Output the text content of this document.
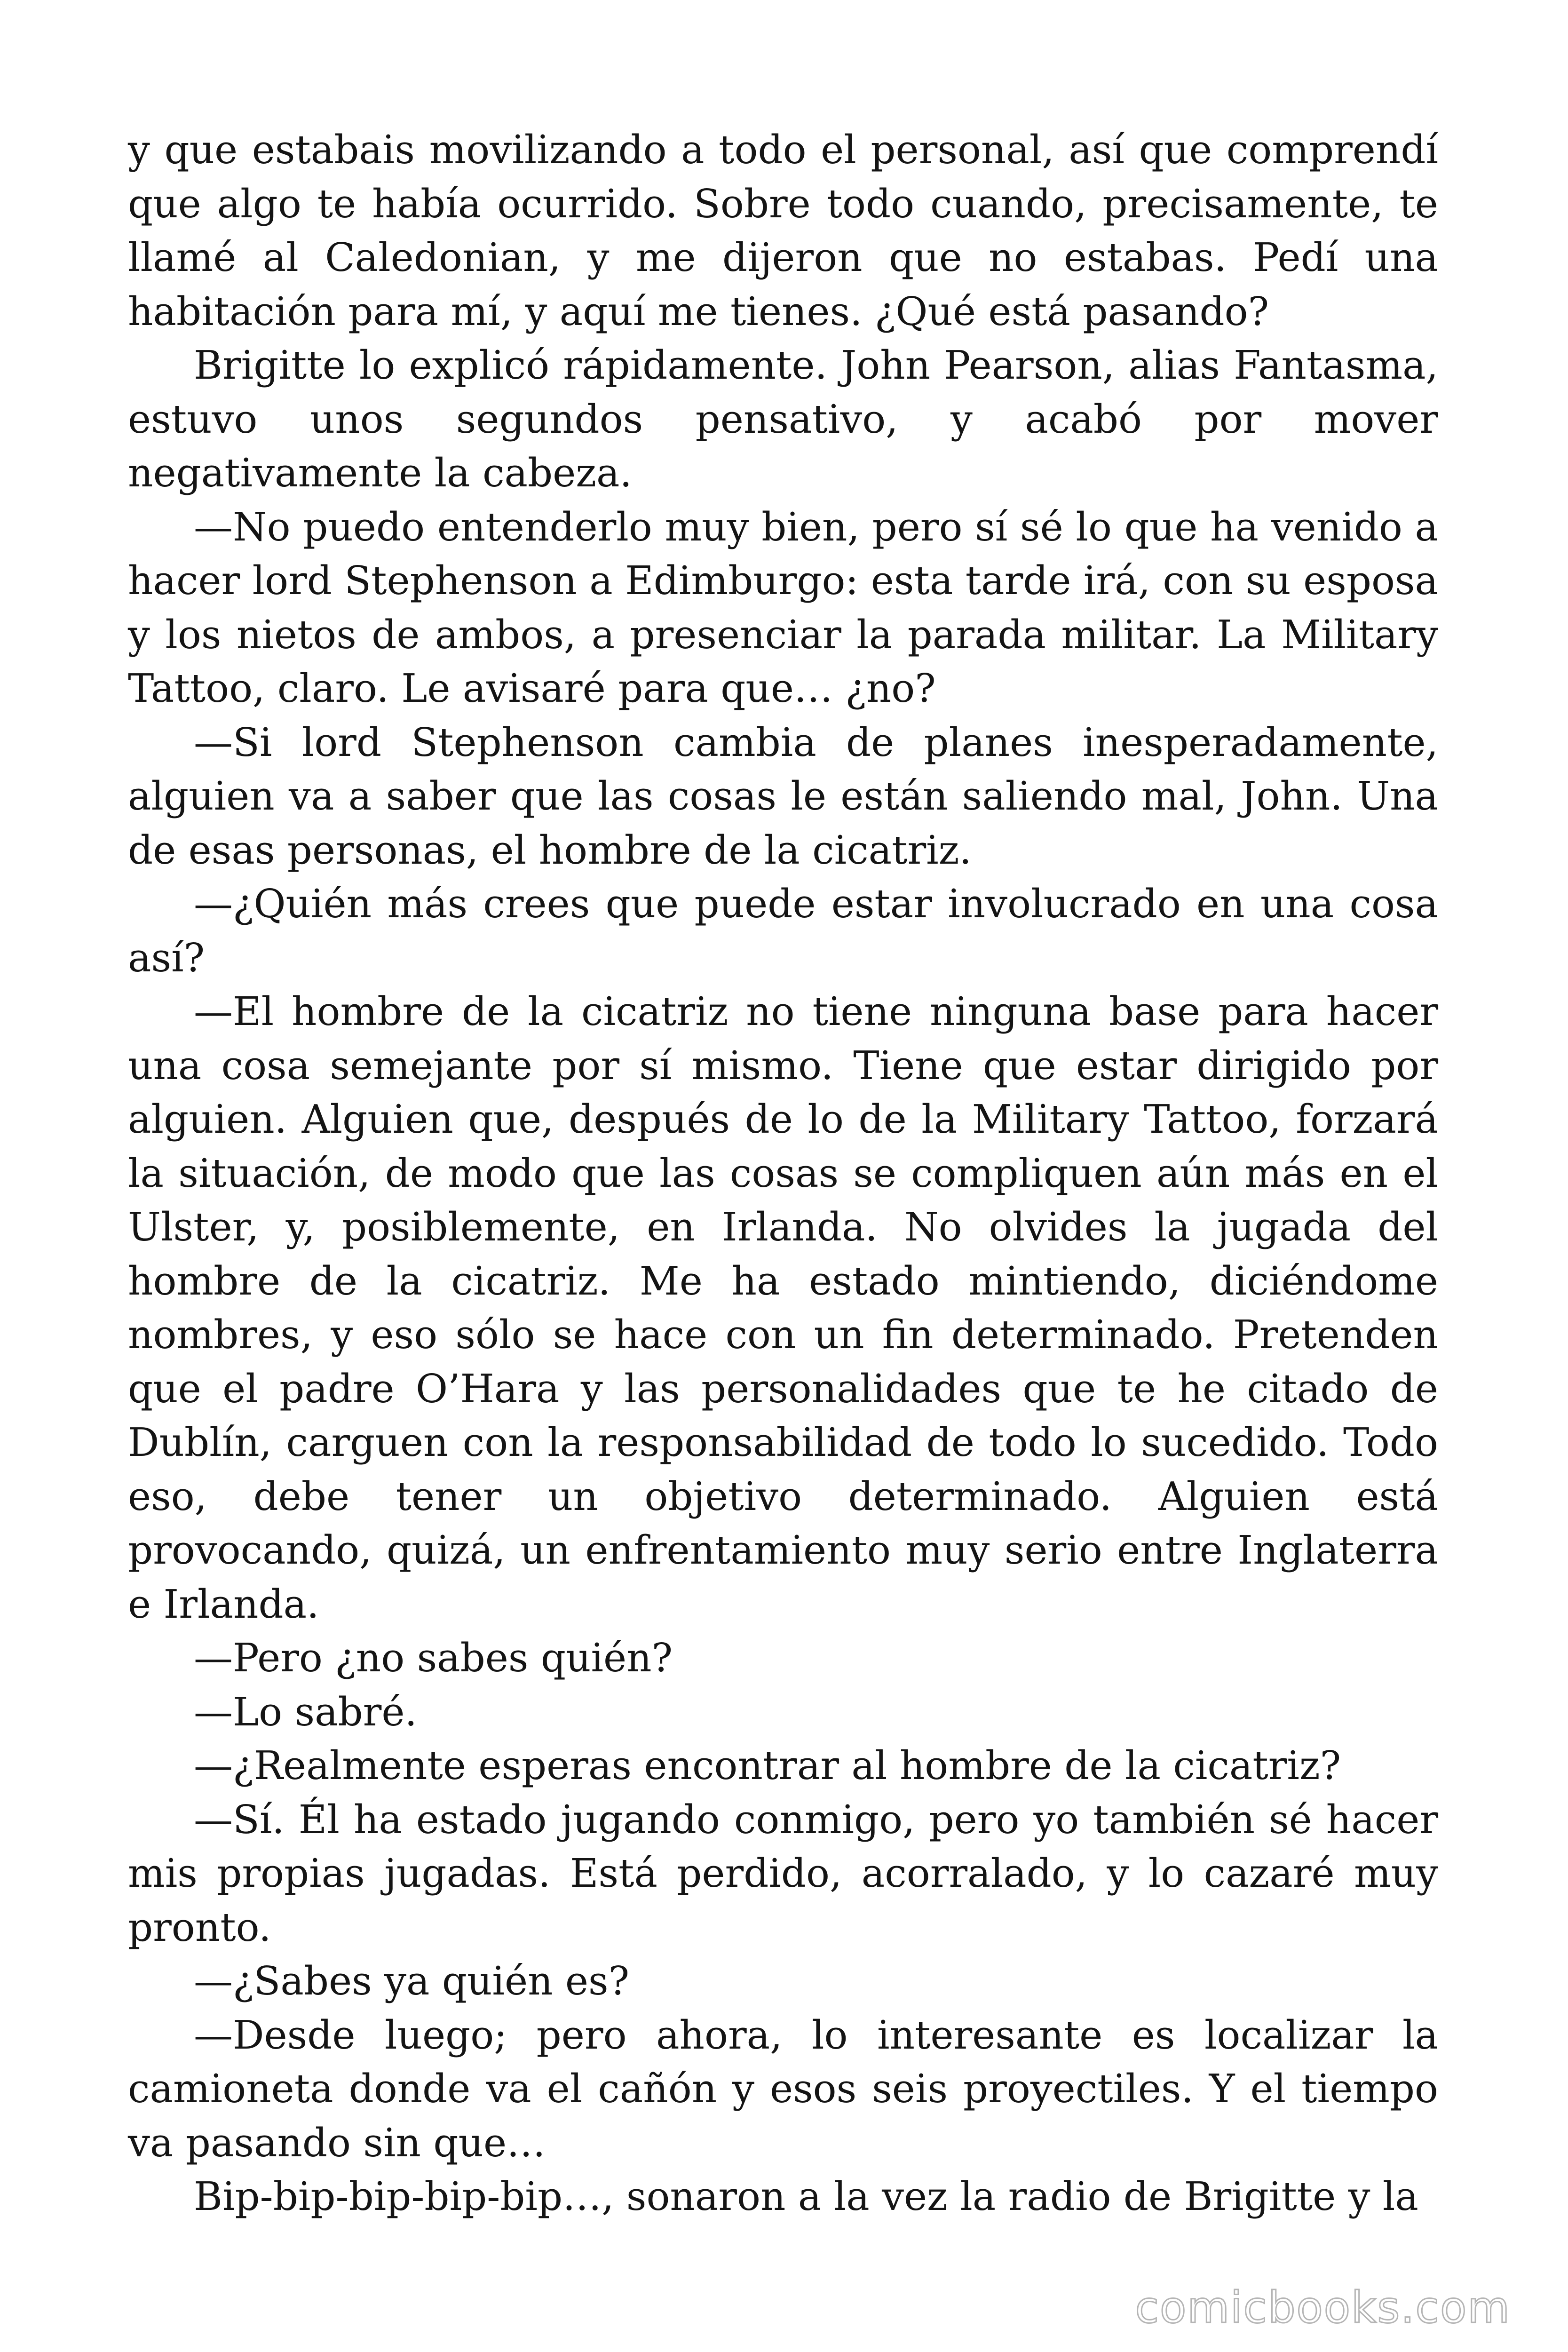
y que estabais movilizando a todo el personal, así que comprendí que algo te había ocurrido. Sobre todo cuando, precisamente, te llamé al Caledonian, y me dijeron que no estabas. Pedí una habitación para mí, y aquí me tienes. ¿Qué está pasando?

Brigitte lo explicó rápidamente. John Pearson, alias Fantasma, estuvo unos segundos pensativo, y acabó por mover negativamente la cabeza.

—No puedo entenderlo muy bien, pero sí sé lo que ha venido a hacer lord Stephenson a Edimburgo: esta tarde irá, con su esposa y los nietos de ambos, a presenciar la parada militar. La Military Tattoo, claro. Le avisaré para que… ¿no?

—Si lord Stephenson cambia de planes inesperadamente, alguien va a saber que las cosas le están saliendo mal, John. Una de esas personas, el hombre de la cicatriz.

—¿Quién más crees que puede estar involucrado en una cosa así?

—El hombre de la cicatriz no tiene ninguna base para hacer una cosa semejante por sí mismo. Tiene que estar dirigido por alguien. Alguien que, después de lo de la Military Tattoo, forzará la situación, de modo que las cosas se compliquen aún más en el Ulster, y, posiblemente, en Irlanda. No olvides la jugada del hombre de la cicatriz. Me ha estado mintiendo, diciéndome nombres, y eso sólo se hace con un fin determinado. Pretenden que el padre O’Hara y las personalidades que te he citado de Dublín, carguen con la responsabilidad de todo lo sucedido. Todo eso, debe tener un objetivo determinado. Alguien está provocando, quizá, un enfrentamiento muy serio entre Inglaterra e Irlanda.

—Pero ¿no sabes quién?

—Lo sabré.

—¿Realmente esperas encontrar al hombre de la cicatriz?

—Sí. Él ha estado jugando conmigo, pero yo también sé hacer mis propias jugadas. Está perdido, acorralado, y lo cazaré muy pronto.

—¿Sabes ya quién es?

—Desde luego; pero ahora, lo interesante es localizar la camioneta donde va el cañón y esos seis proyectiles. Y el tiempo va pasando sin que…

Bip-bip-bip-bip-bip…, sonaron a la vez la radio de Brigitte y la

comicbooks.com
